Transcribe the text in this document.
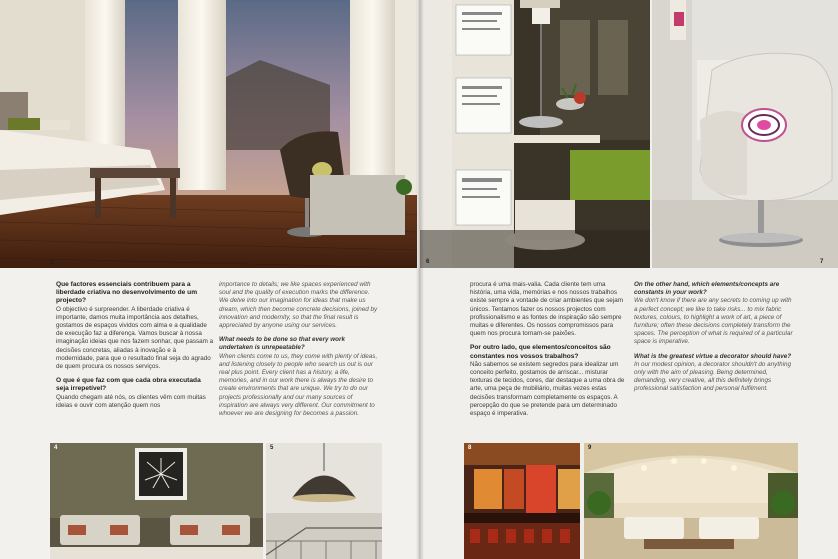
3
Que factores essenciais contribuem para a liberdade criativa no desenvolvimento de um projecto?
O objectivo é surpreender. A liberdade criativa é importante, damos muita importância aos detalhes, gostamos de espaços vividos com alma e a qualidade de execução faz a diferença. Vamos buscar à nossa imaginação ideias que nos fazem sonhar, que passam a decisões concretas, aliadas à inovação e à modernidade, para que o resultado final seja do agrado de quem procura os nossos serviços.
O que é que faz com que cada obra executada seja irrepetível?
Quando chegam até nós, os clientes vêm com muitas ideias e ouvir com atenção quem nos
importance to details; we like spaces experienced with soul and the quality of execution marks the difference. We delve into our imagination for ideas that make us dream, which then become concrete decisions, joined by innovation and modernity, so that the final result is appreciated by anyone using our services.
What needs to be done so that every work undertaken is unrepeatable?
When clients come to us, they come with plenty of ideas, and listening closely to people who search us out is our real plus point. Every client has a history, a life, memories, and in our work there is always the desire to create environments that are unique. We try to do our projects professionally and our many sources of inspiration are always very different. Our commitment to whoever we are designing for becomes a passion.
4	5
6	7
procura é uma mais-valia. Cada cliente tem uma história, uma vida, memórias e nos nossos trabalhos existe sempre a vontade de criar ambientes que sejam únicos. Tentamos fazer os nossos projectos com profissionalismo e as fontes de inspiração são sempre muitas e diferentes. Os nossos compromissos para quem nos procura tornam-se paixões.
Por outro lado, que elementos/conceitos são constantes nos vossos trabalhos?
Não sabemos se existem segredos para idealizar um conceito perfeito, gostamos de arriscar... misturar texturas de tecidos, cores, dar destaque a uma obra de arte, uma peça de mobiliário, muitas vezes estas decisões transformam completamente os espaços. A percepção do que se pretende para um determinado espaço é imperativa.
On the other hand, which elements/concepts are constants in your work?
We don't know if there are any secrets to coming up with a perfect concept; we like to take risks... to mix fabric textures, colours, to highlight a work of art, a piece of furniture; often these decisions completely transform the spaces. The perception of what is required of a particular space is imperative.
What is the greatest virtue a decorator should have?
In our modest opinion, a decorator shouldn't do anything only with the aim of pleasing. Being determined, demanding, very creative, all this definitely brings professional satisfaction and personal fulfilment.
8	9
